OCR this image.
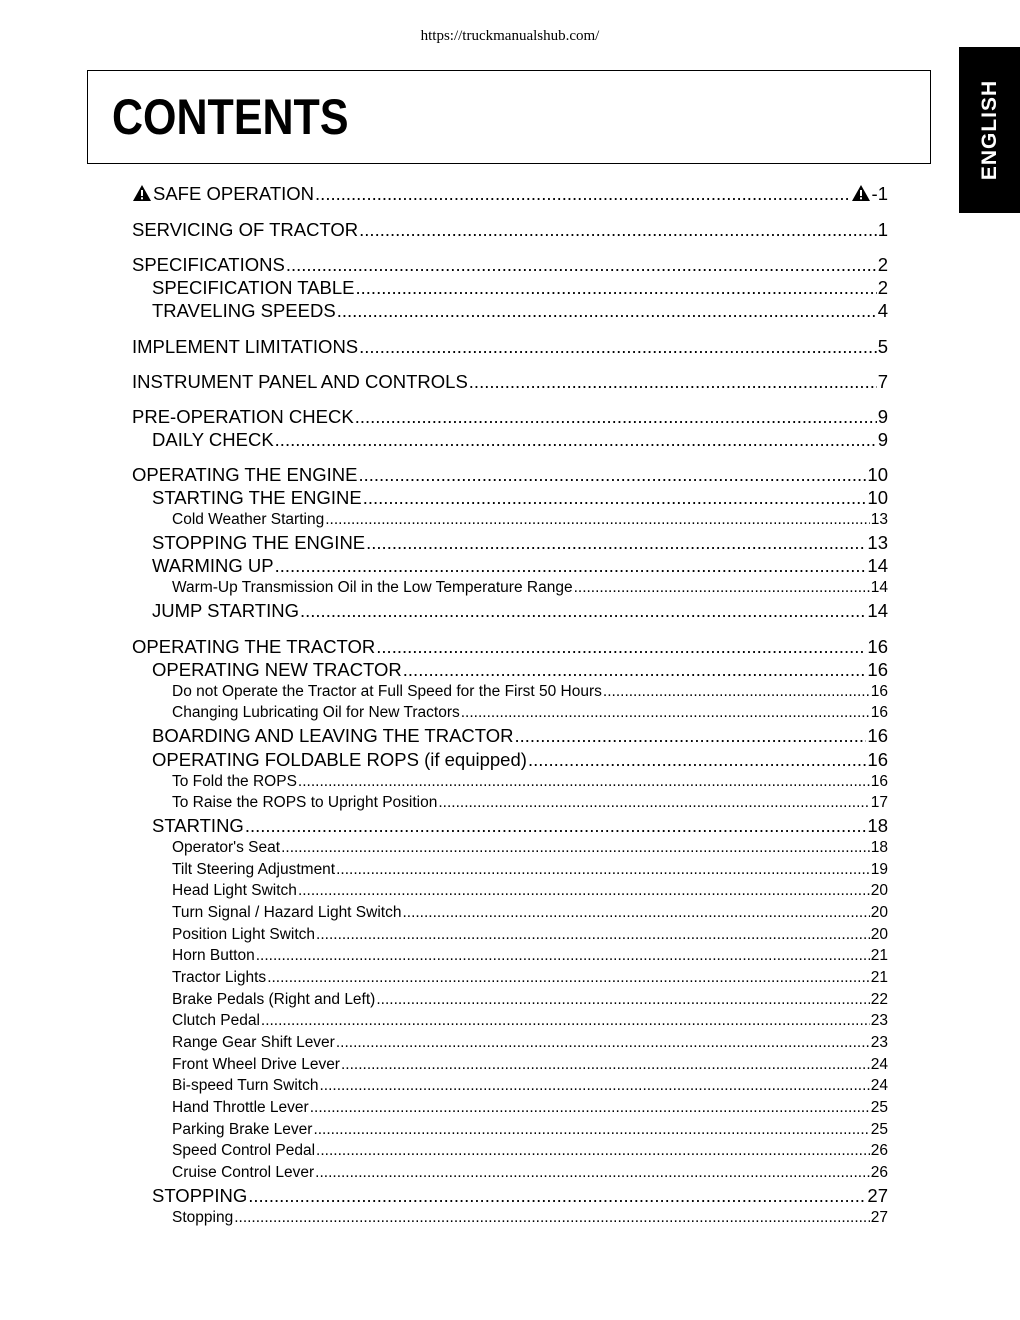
https://truckmanualshub.com/
CONTENTS	ENGLISH
SAFE OPERATION .....	-1
SERVICING OF TRACTOR .....	1
SPECIFICATIONS .....	2
SPECIFICATION TABLE .....	2
TRAVELING SPEEDS .....	4
IMPLEMENT LIMITATIONS .....	5
INSTRUMENT PANEL AND CONTROLS .....	7
PRE-OPERATION CHECK .....	9
DAILY CHECK .....	9
OPERATING THE ENGINE .....	10
STARTING THE ENGINE .....	10
Cold Weather Starting .....	13
STOPPING THE ENGINE .....	13
WARMING UP .....	14
Warm-Up Transmission Oil in the Low Temperature Range .....	14
JUMP STARTING .....	14
OPERATING THE TRACTOR .....	16
OPERATING NEW TRACTOR .....	16
Do not Operate the Tractor at Full Speed for the First 50 Hours .....	16
Changing Lubricating Oil for New Tractors .....	16
BOARDING AND LEAVING THE TRACTOR .....	16
OPERATING FOLDABLE ROPS (if equipped) .....	16
To Fold the ROPS .....	16
To Raise the ROPS to Upright Position .....	17
STARTING .....	18
Operator's Seat .....	18
Tilt Steering Adjustment .....	19
Head Light Switch .....	20
Turn Signal / Hazard Light Switch .....	20
Position Light Switch .....	20
Horn Button .....	21
Tractor Lights .....	21
Brake Pedals (Right and Left) .....	22
Clutch Pedal .....	23
Range Gear Shift Lever .....	23
Front Wheel Drive Lever .....	24
Bi-speed Turn Switch .....	24
Hand Throttle Lever .....	25
Parking Brake Lever .....	25
Speed Control Pedal .....	26
Cruise Control Lever .....	26
STOPPING .....	27
Stopping .....	27
